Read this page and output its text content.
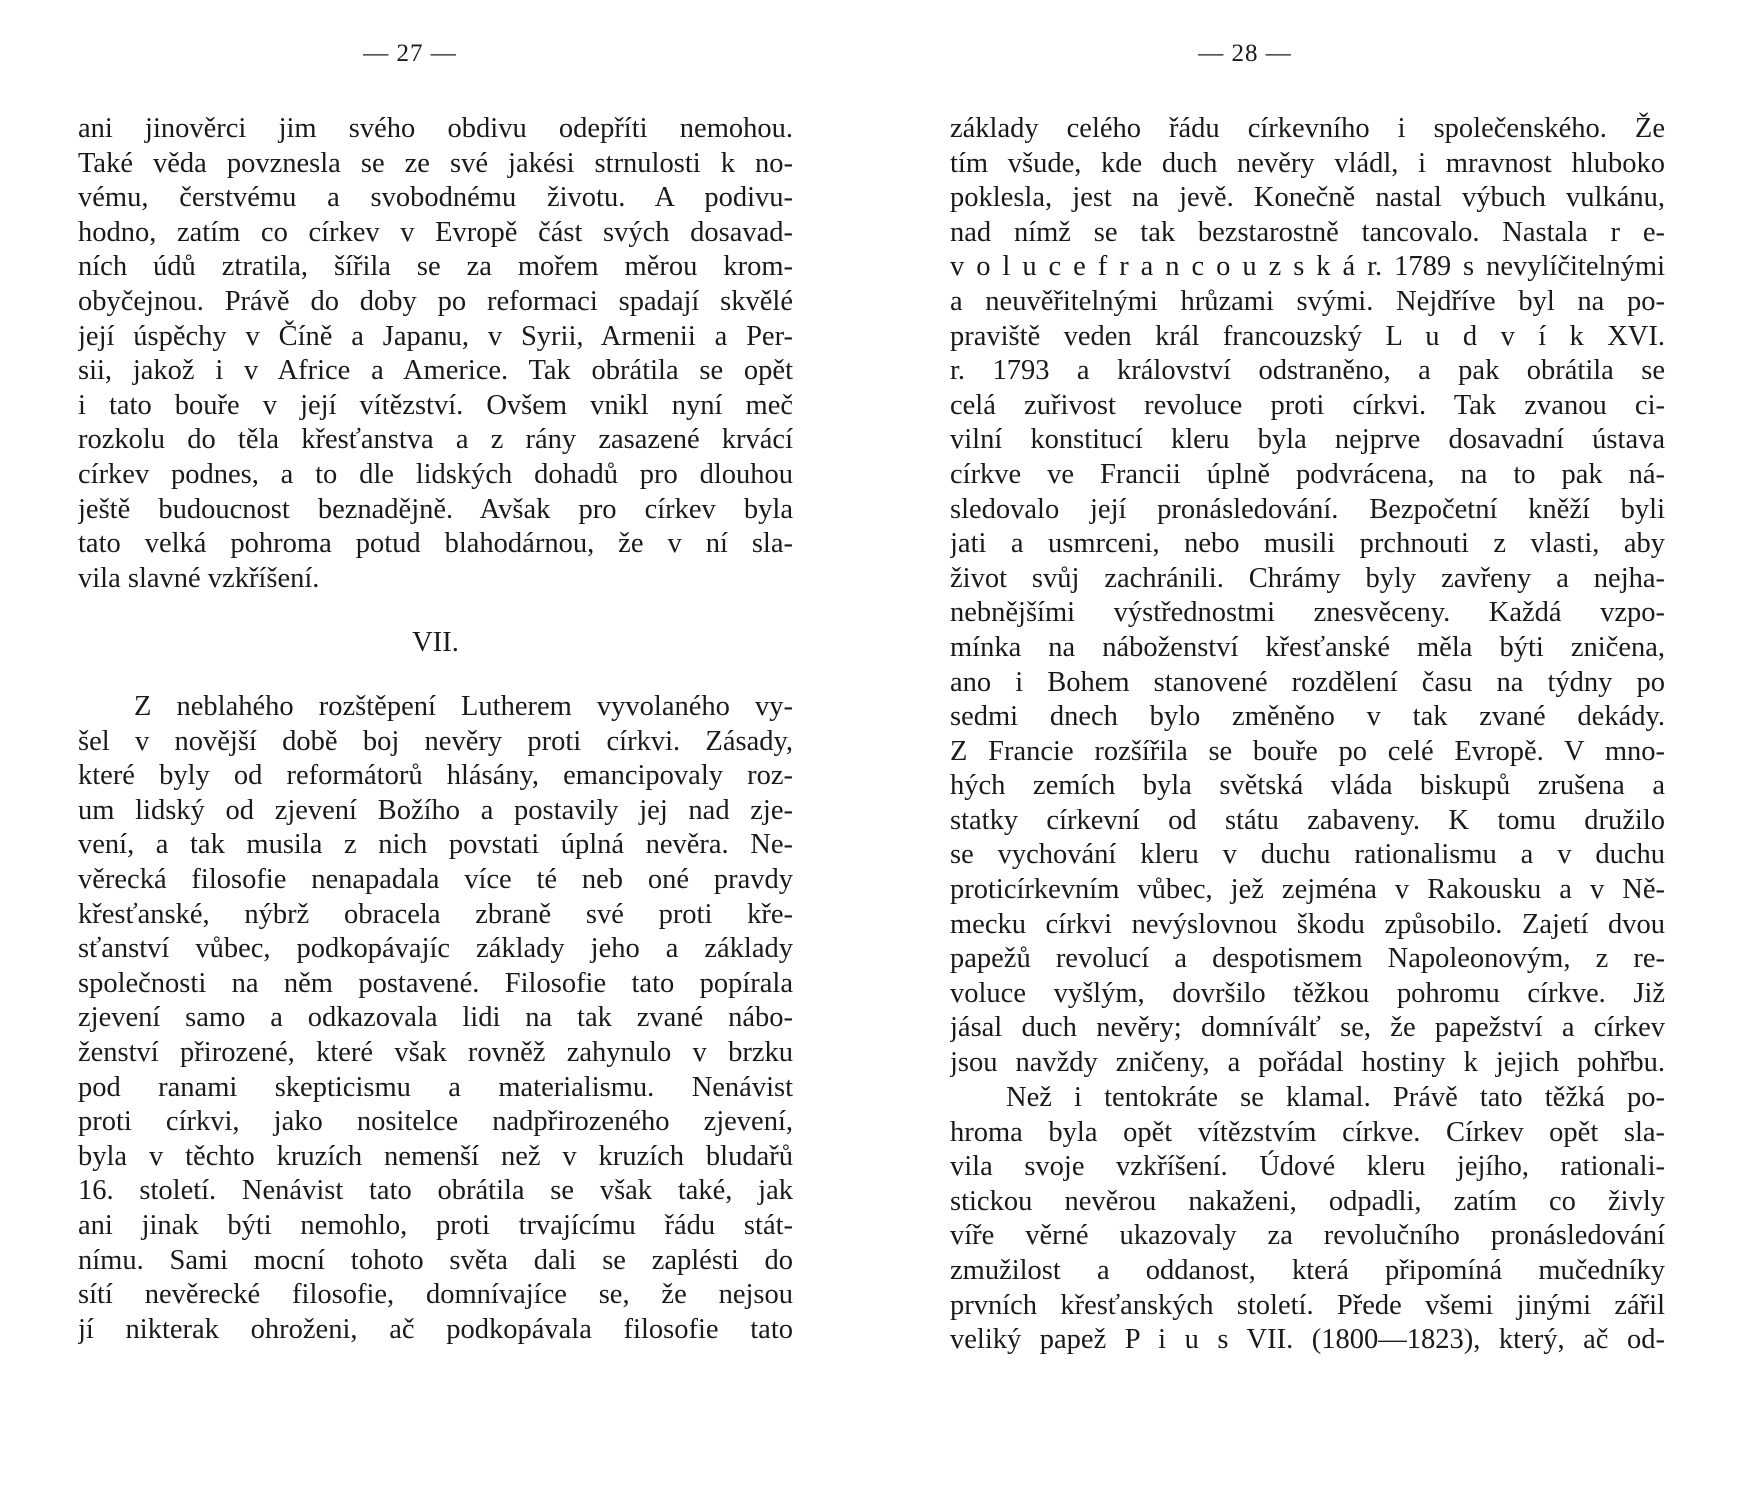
— 27 —
ani jinověrci jim svého obdivu odepříti nemohou.
Také věda povznesla se ze své jakési strnulosti k no-
vému, čerstvému a svobodnému životu. A podivu-
hodno, zatím co církev v Evropě část svých dosavad-
ních údů ztratila, šířila se za mořem měrou krom-
obyčejnou. Právě do doby po reformaci spadají skvělé
její úspěchy v Číně a Japanu, v Syrii, Armenii a Per-
sii, jakož i v Africe a Americe. Tak obrátila se opět
i tato bouře v její vítězství. Ovšem vnikl nyní meč
rozkolu do těla křesťanstva a z rány zasazené krvácí
církev podnes, a to dle lidských dohadů pro dlouhou
ještě budoucnost beznadějně. Avšak pro církev byla
tato velká pohroma potud blahodárnou, že v ní sla-
vila slavné vzkříšení.
VII.
Z neblahého rozštěpení Lutherem vyvolaného vy-
šel v novější době boj nevěry proti církvi. Zásady,
které byly od reformátorů hlásány, emancipovaly roz-
um lidský od zjevení Božího a postavily jej nad zje-
vení, a tak musila z nich povstati úplná nevěra. Ne-
věrecká filosofie nenapadala více té neb oné pravdy
křesťanské, nýbrž obracela zbraně své proti kře-
sťanství vůbec, podkopávajíc základy jeho a základy
společnosti na něm postavené. Filosofie tato popírala
zjevení samo a odkazovala lidi na tak zvané nábo-
ženství přirozené, které však rovněž zahynulo v brzku
pod ranami skepticismu a materialismu. Nenávist
proti církvi, jako nositelce nadpřirozeného zjevení,
byla v těchto kruzích nemenší než v kruzích bludařů
16. století. Nenávist tato obrátila se však také, jak
ani jinak býti nemohlo, proti trvajícímu řádu stát-
nímu. Sami mocní tohoto světa dali se zaplésti do
sítí nevěrecké filosofie, domnívajíce se, že nejsou
jí nikterak ohroženi, ač podkopávala filosofie tato
— 28 —
základy celého řádu církevního i společenského. Že
tím všude, kde duch nevěry vládl, i mravnost hluboko
poklesla, jest na jevě. Konečně nastal výbuch vulkánu,
nad nímž se tak bezstarostně tancovalo. Nastala r e-
v o l u c e f r a n c o u z s k á r. 1789 s nevylíčitelnými
a neuvěřitelnými hrůzami svými. Nejdříve byl na po-
praviště veden král francouzský L u d v í k XVI.
r. 1793 a království odstraněno, a pak obrátila se
celá zuřivost revoluce proti církvi. Tak zvanou ci-
vilní konstitucí kleru byla nejprve dosavadní ústava
církve ve Francii úplně podvrácena, na to pak ná-
sledovalo její pronásledování. Bezpočetní kněží byli
jati a usmrceni, nebo musili prchnouti z vlasti, aby
život svůj zachránili. Chrámy byly zavřeny a nejha-
nebnějšími výstřednostmi znesvěceny. Každá vzpo-
mínka na náboženství křesťanské měla býti zničena,
ano i Bohem stanovené rozdělení času na týdny po
sedmi dnech bylo změněno v tak zvané dekády.
Z Francie rozšířila se bouře po celé Evropě. V mno-
hých zemích byla světská vláda biskupů zrušena a
statky církevní od státu zabaveny. K tomu družilo
se vychování kleru v duchu rationalismu a v duchu
proticírkevním vůbec, jež zejména v Rakousku a v Ně-
mecku církvi nevýslovnou škodu způsobilo. Zajetí dvou
papežů revolucí a despotismem Napoleonovým, z re-
voluce vyšlým, dovršilo těžkou pohromu církve. Již
jásal duch nevěry; domníválť se, že papežství a církev
jsou navždy zničeny, a pořádal hostiny k jejich pohřbu.
Než i tentokráte se klamal. Právě tato těžká po-
hroma byla opět vítězstvím církve. Církev opět sla-
vila svoje vzkříšení. Údové kleru jejího, rationali-
stickou nevěrou nakaženi, odpadli, zatím co živly
víře věrné ukazovaly za revolučního pronásledování
zmužilost a oddanost, která připomíná mučedníky
prvních křesťanských století. Přede všemi jinými zářil
veliký papež P i u s VII. (1800—1823), který, ač od-
